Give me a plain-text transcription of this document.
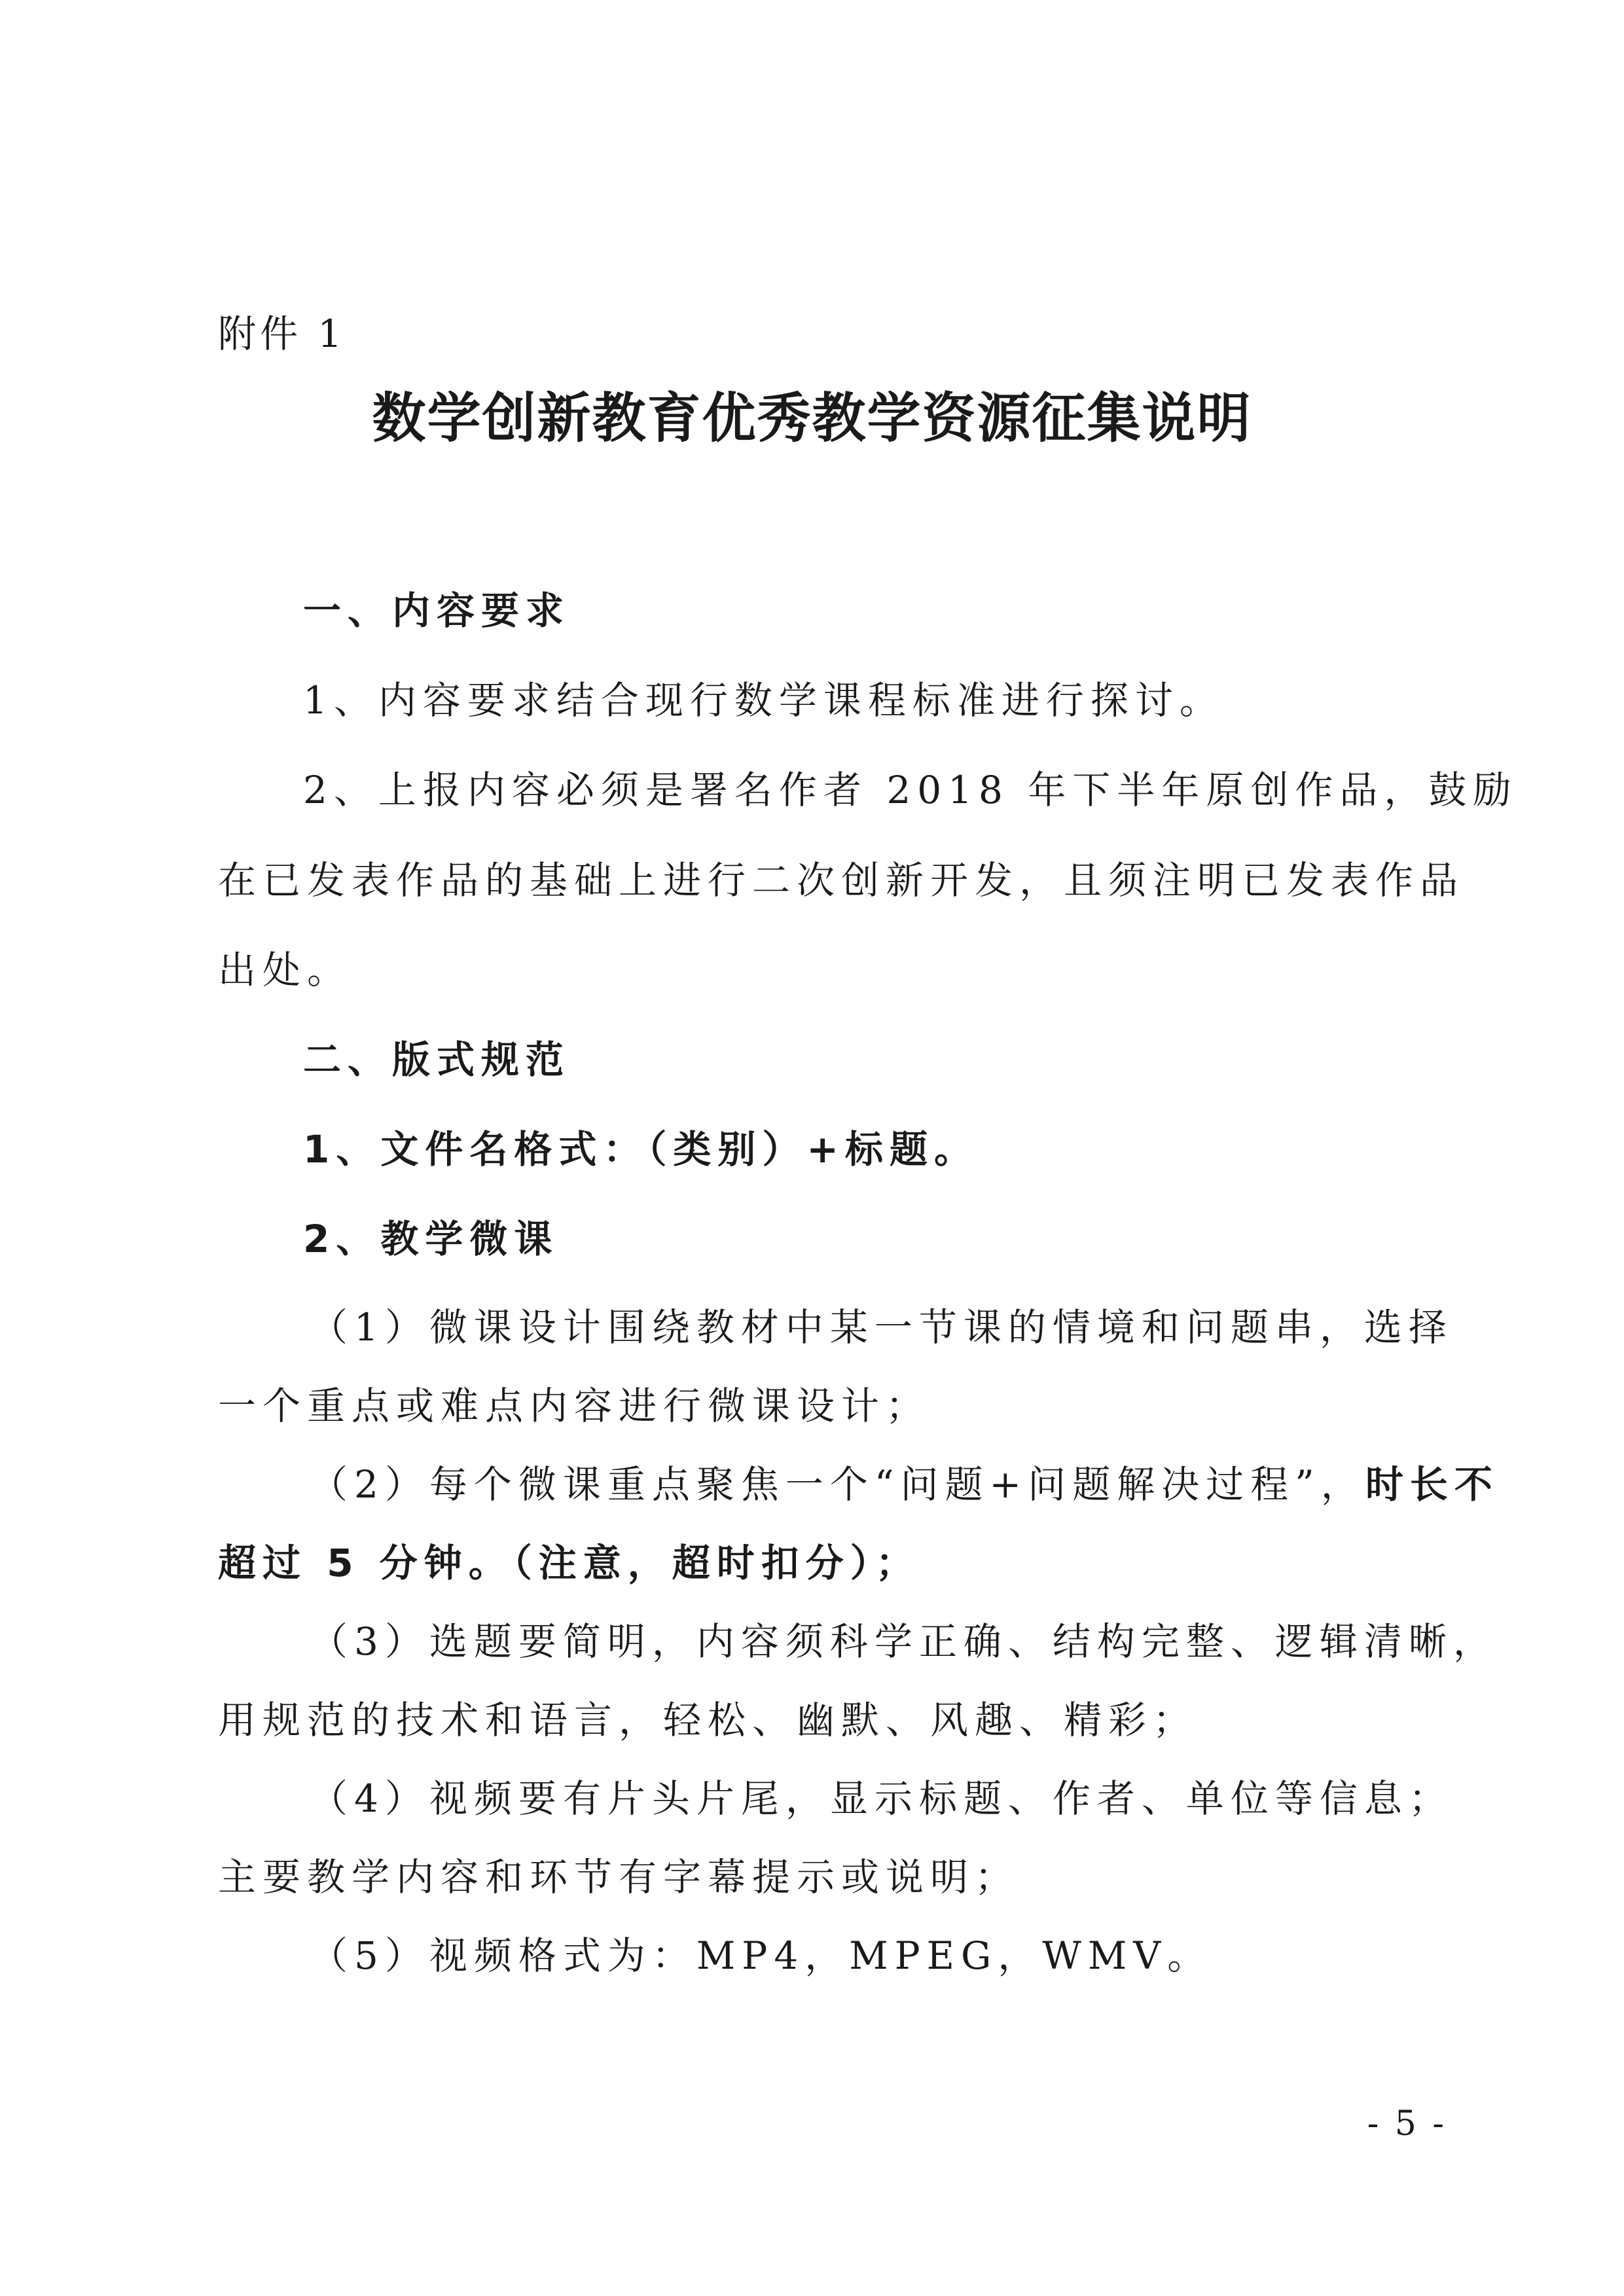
附件 1
数学创新教育优秀教学资源征集说明
一、内容要求
1、内容要求结合现行数学课程标准进行探讨。
2、上报内容必须是署名作者 2018 年下半年原创作品，鼓励
在已发表作品的基础上进行二次创新开发，且须注明已发表作品
出处。
二、版式规范
1、文件名格式：（类别）+标题。
2、教学微课
（1）微课设计围绕教材中某一节课的情境和问题串，选择
一个重点或难点内容进行微课设计；
（2）每个微课重点聚焦一个“问题+问题解决过程”，时长不
超过 5 分钟。（注意，超时扣分）；
（3）选题要简明，内容须科学正确、结构完整、逻辑清晰，
用规范的技术和语言，轻松、幽默、风趣、精彩；
（4）视频要有片头片尾，显示标题、作者、单位等信息；
主要教学内容和环节有字幕提示或说明；
（5）视频格式为：MP4，MPEG，WMV。
- 5 -
